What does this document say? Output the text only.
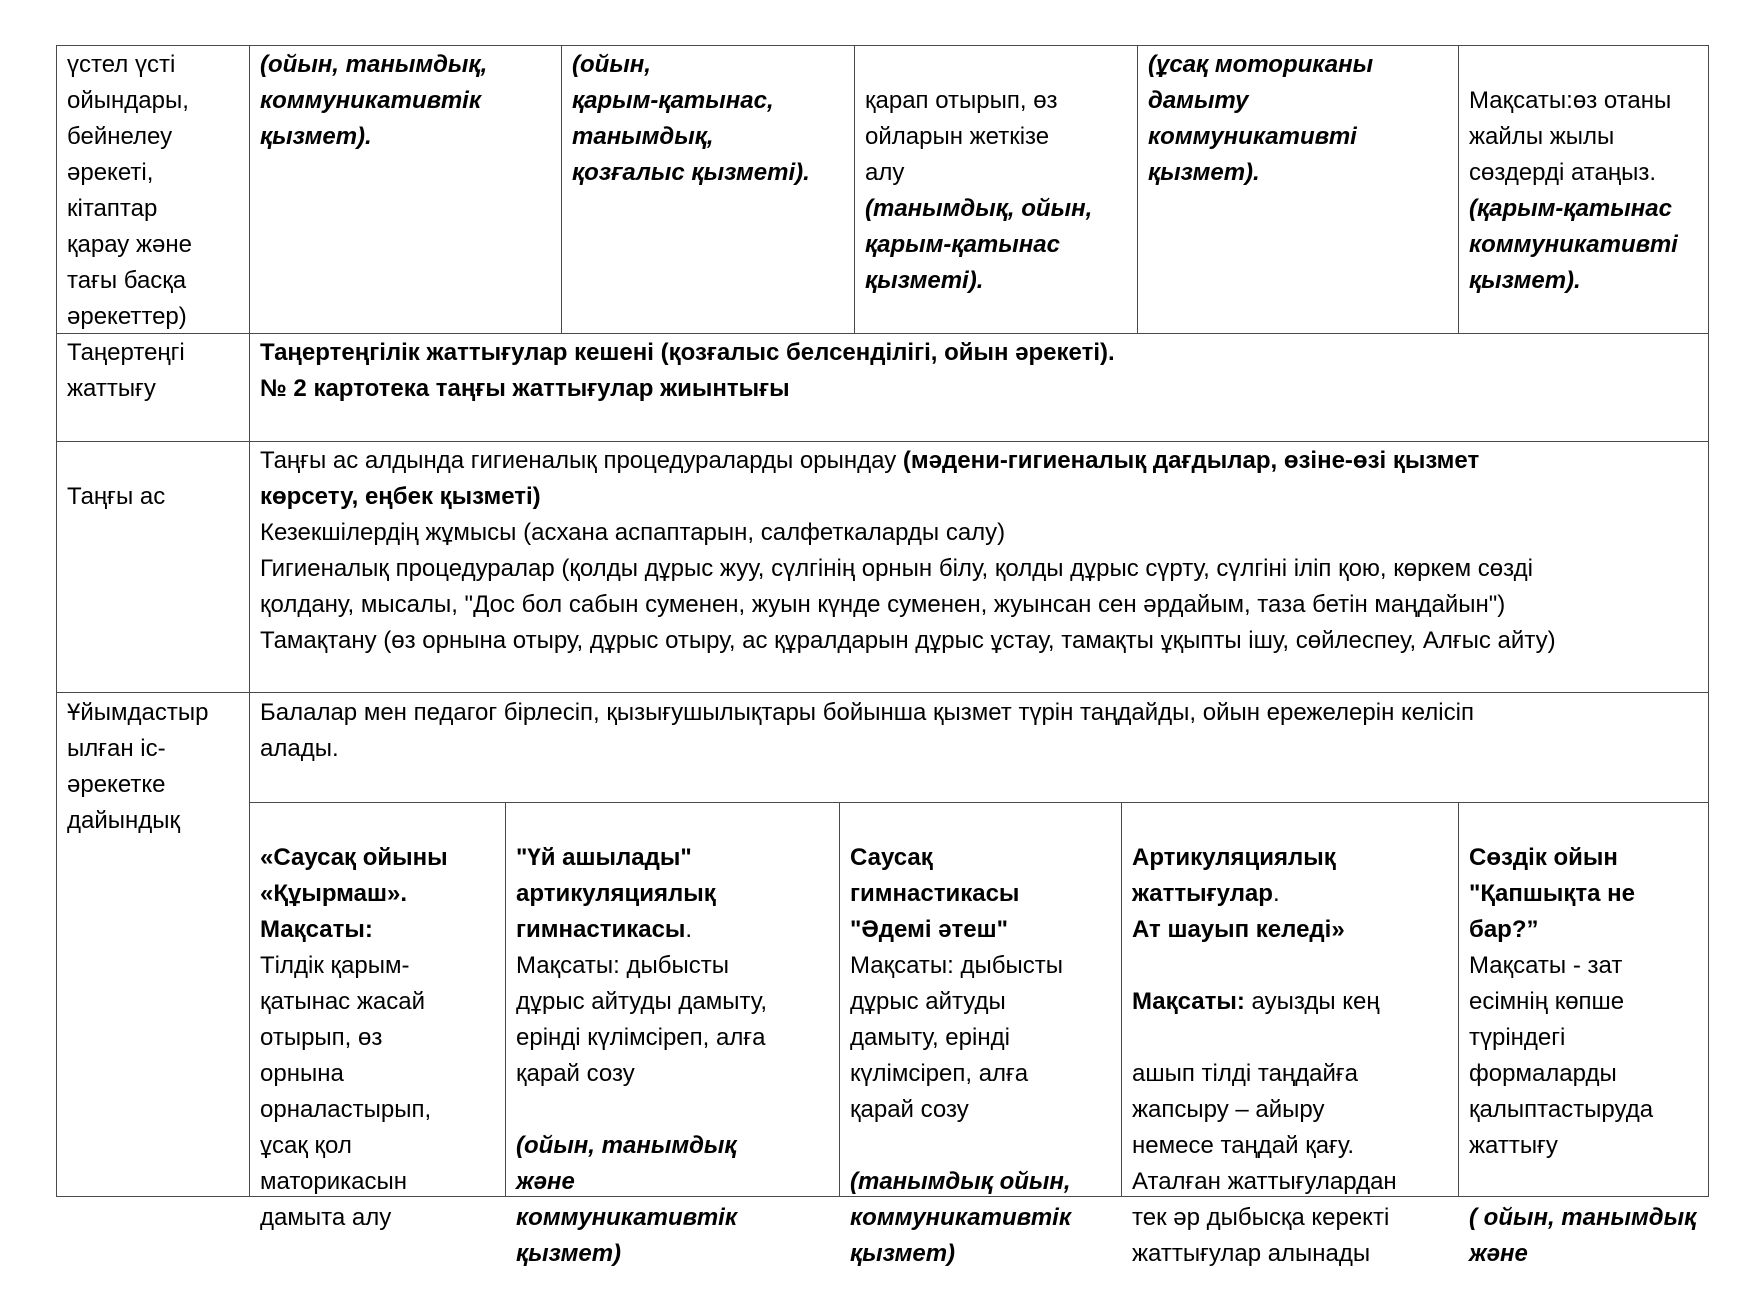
үстел үсті
ойындары,
бейнелеу
әрекеті,
кітаптар
қарау және
тағы басқа
әрекеттер)
(ойын, танымдық,
коммуникативтік
қызмет).
(ойын,
қарым-қатынас,
танымдық,
қозғалыс қызметі).

қарап отырып, өз
ойларын жеткізе
алу

(танымдық, ойын,
қарым-қатынас
қызметі).

(ұсақ моториканы
дамыту
коммуникативті
қызмет).

Мақсаты:өз отаны
жайлы жылы
сөздерді атаңыз.

(қарым-қатынас
коммуникативті
қызмет).

Таңертеңгі
жаттығу
Таңертеңгілік жаттығулар кешені (қозғалыс белсенділігі, ойын әрекеті).
№ 2 картотека таңғы жаттығулар жиынтығы
Таңғы ас
Таңғы ас алдында гигиеналық процедураларды орындау (мәдени-гигиеналық дағдылар, өзіне-өзі қызмет
көрсету, еңбек қызметі)
Кезекшілердің жұмысы (асхана аспаптарын, салфеткаларды салу)
Гигиеналық процедуралар (қолды дұрыс жуу, сүлгінің орнын білу, қолды дұрыс сүрту, сүлгіні іліп қою, көркем сөзді
қолдану, мысалы, "Дос бол сабын суменен, жуын күнде суменен, жуынсан сен әрдайым, таза бетін маңдайын")
Тамақтану (өз орнына отыру, дұрыс отыру, ас құралдарын дұрыс ұстау, тамақты ұқыпты ішу, сөйлеспеу, Алғыс айту)
Ұйымдастыр
ылған іс-
әрекетке
дайындық
Балалар мен педагог бірлесіп, қызығушылықтары бойынша қызмет түрін таңдайды, ойын ережелерін келісіп
алады.

«Саусақ ойыны
«Құырмаш».
Мақсаты:

Тілдік қарым-
қатынас жасай
отырып, өз
орнына
орналастырып,
ұсақ қол
маторикасын
дамыта алу

"Үй ашылады"
артикуляциялық
гимнастикасы.

Мақсаты: дыбысты
дұрыс айтуды дамыту,
ерінді күлімсіреп, алға
қарай созу

(ойын, танымдық
және
коммуникативтік
қызмет)

Саусақ
гимнастикасы
"Әдемі әтеш"

Мақсаты: дыбысты
дұрыс айтуды
дамыту, ерінді
күлімсіреп, алға
қарай созу

(танымдық ойын,
коммуникативтік
қызмет)

Артикуляциялық
жаттығулар.

Ат шауып келеді»

Мақсаты: ауызды кең

ашып тілді таңдайға
жапсыру – айыру
немесе таңдай қағу.
Аталған жаттығулардан
тек әр дыбысқа керекті
жаттығулар алынады

Сөздік ойын
"Қапшықта не
бар?”

Мақсаты - зат
есімнің көпше
түріндегі
формаларды
қалыптастыруда
жаттығу

( ойын, танымдық
және
